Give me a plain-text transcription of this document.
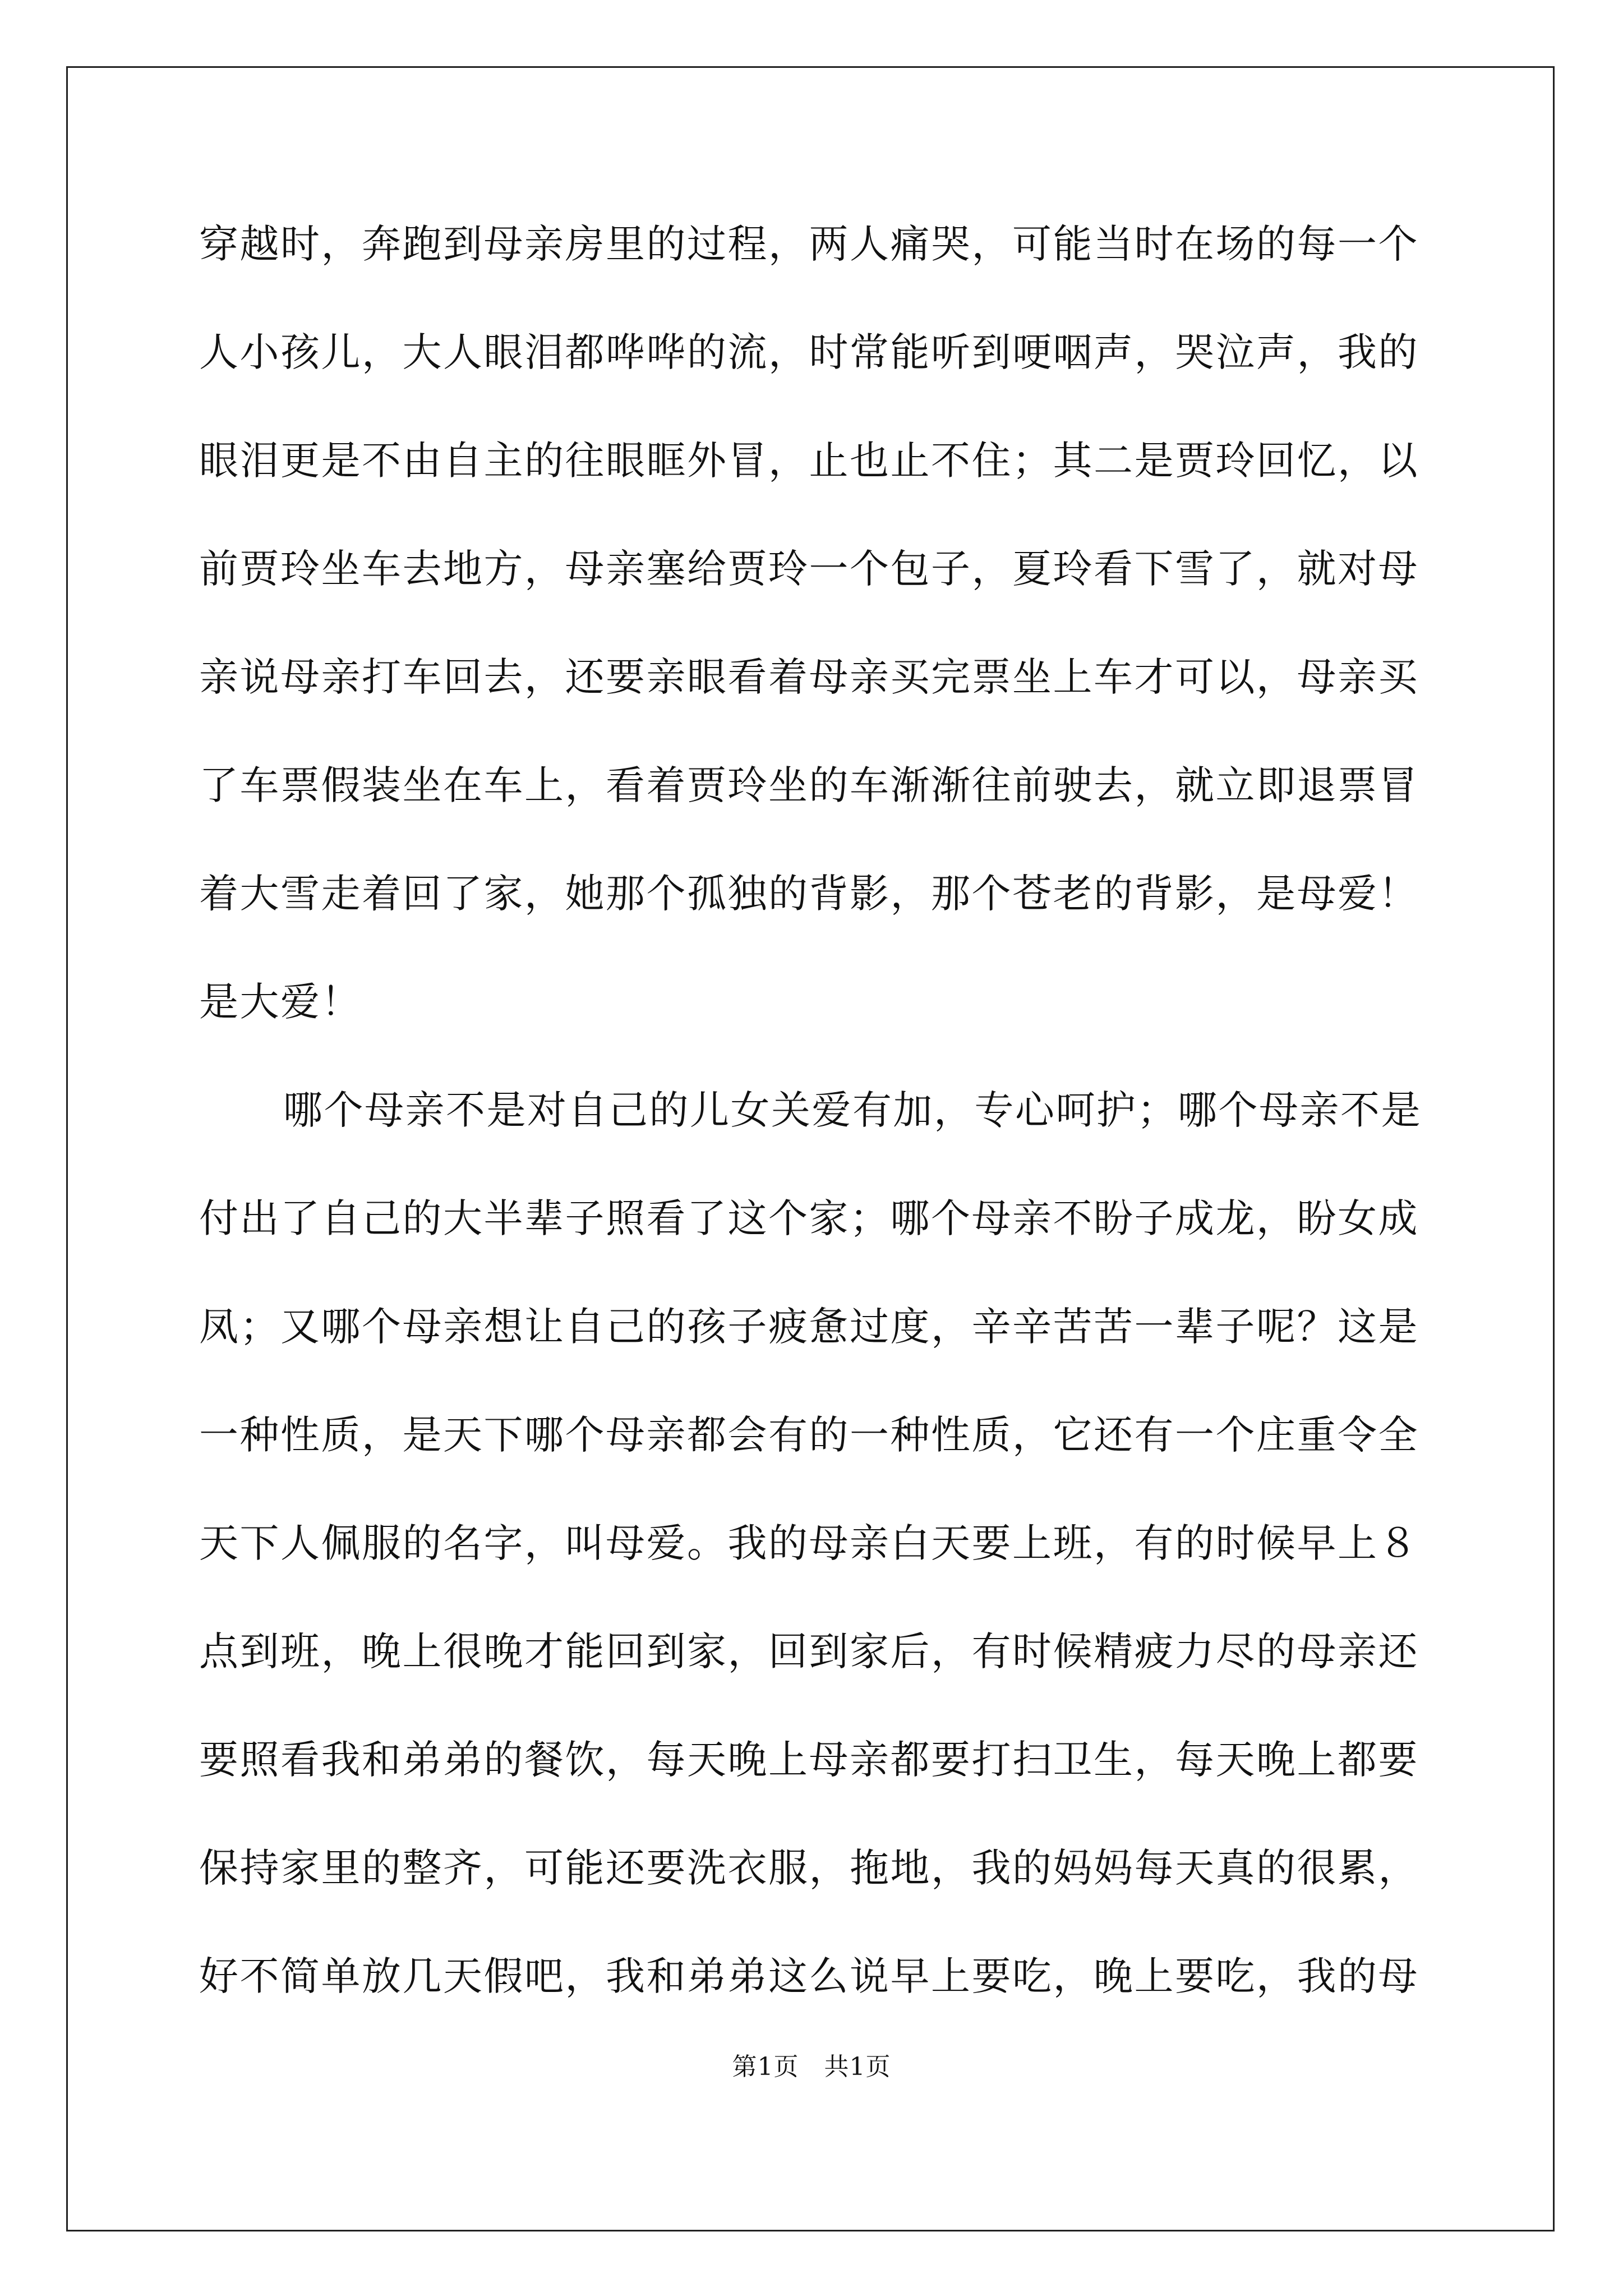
穿越时，奔跑到母亲房里的过程，两人痛哭，可能当时在场的每一个
人小孩儿，大人眼泪都哗哗的流，时常能听到哽咽声，哭泣声，我的
眼泪更是不由自主的往眼眶外冒，止也止不住；其二是贾玲回忆，以
前贾玲坐车去地方，母亲塞给贾玲一个包子，夏玲看下雪了，就对母
亲说母亲打车回去，还要亲眼看着母亲买完票坐上车才可以，母亲买
了车票假装坐在车上，看着贾玲坐的车渐渐往前驶去，就立即退票冒
着大雪走着回了家，她那个孤独的背影，那个苍老的背影，是母爱！
是大爱！
哪个母亲不是对自己的儿女关爱有加，专心呵护；哪个母亲不是
付出了自己的大半辈子照看了这个家；哪个母亲不盼子成龙，盼女成
凤；又哪个母亲想让自己的孩子疲惫过度，辛辛苦苦一辈子呢？这是
一种性质，是天下哪个母亲都会有的一种性质，它还有一个庄重令全
天下人佩服的名字，叫母爱。我的母亲白天要上班，有的时候早上８
点到班，晚上很晚才能回到家，回到家后，有时候精疲力尽的母亲还
要照看我和弟弟的餐饮，每天晚上母亲都要打扫卫生，每天晚上都要
保持家里的整齐，可能还要洗衣服，拖地，我的妈妈每天真的很累，
好不简单放几天假吧，我和弟弟这么说早上要吃，晚上要吃，我的母
第1页　共1页
